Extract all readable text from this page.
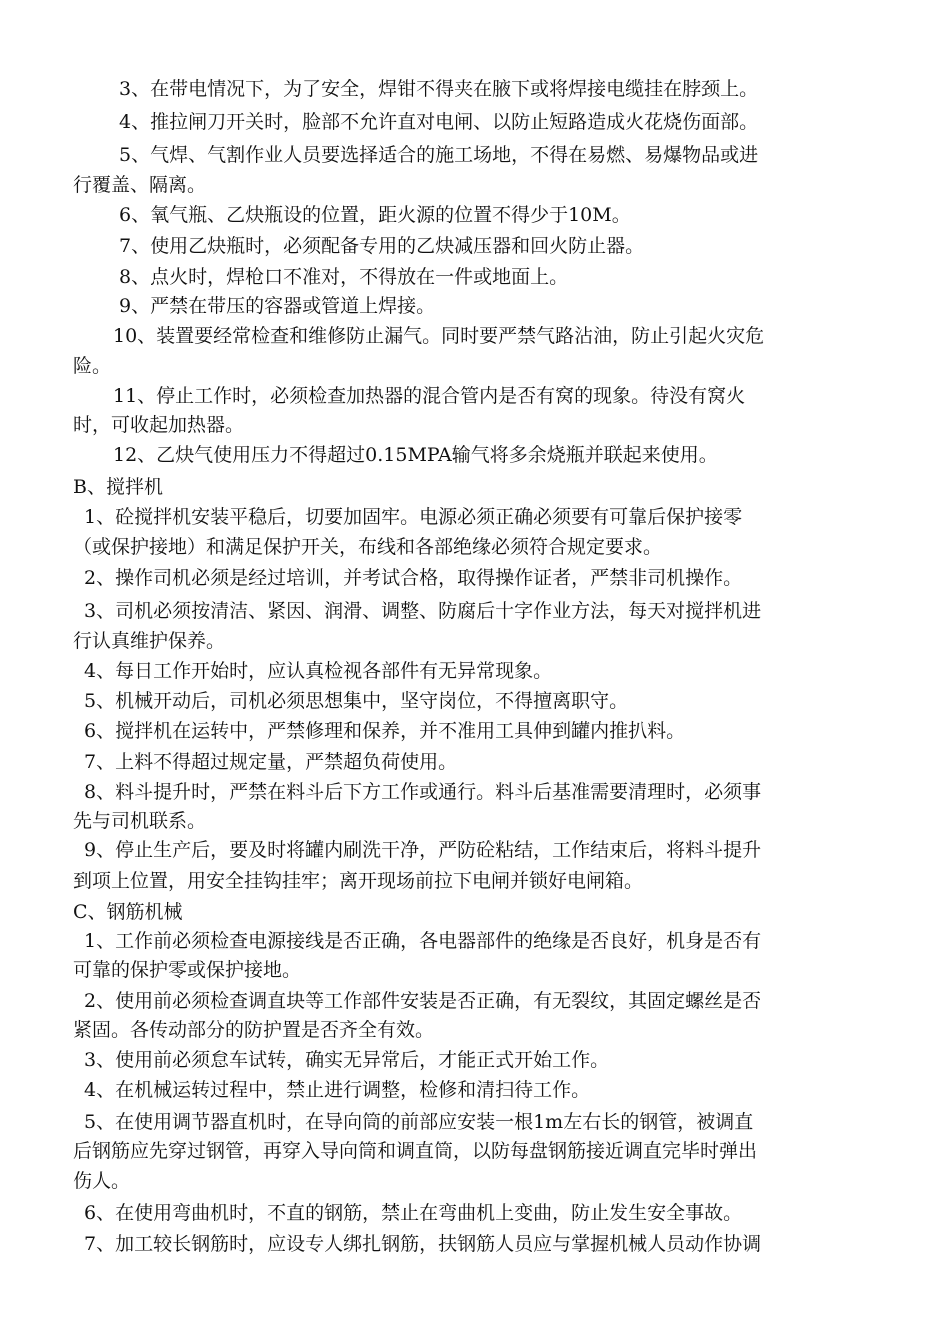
3、在带电情况下，为了安全，焊钳不得夹在腋下或将焊接电缆挂在脖颈上。

4、推拉闸刀开关时，脸部不允许直对电闸、以防止短路造成火花烧伤面部。

5、气焊、气割作业人员要选择适合的施工场地，不得在易燃、易爆物品或进

行覆盖、隔离。

6、氧气瓶、乙炔瓶设的位置，距火源的位置不得少于10M。

7、使用乙炔瓶时，必须配备专用的乙炔减压器和回火防止器。

8、点火时，焊枪口不准对，不得放在一件或地面上。

9、严禁在带压的容器或管道上焊接。

10、装置要经常检查和维修防止漏气。同时要严禁气路沾油，防止引起火灾危

险。

11、停止工作时，必须检查加热器的混合管内是否有窝的现象。待没有窝火

时，可收起加热器。

12、乙炔气使用压力不得超过0.15MPA输气将多余烧瓶并联起来使用。

B、搅拌机

1、砼搅拌机安装平稳后，切要加固牢。电源必须正确必须要有可靠后保护接零

（或保护接地）和满足保护开关，布线和各部绝缘必须符合规定要求。

2、操作司机必须是经过培训，并考试合格，取得操作证者，严禁非司机操作。

3、司机必须按清洁、紧因、润滑、调整、防腐后十字作业方法，每天对搅拌机进

行认真维护保养。

4、每日工作开始时，应认真检视各部件有无异常现象。

5、机械开动后，司机必须思想集中，坚守岗位，不得擅离职守。

6、搅拌机在运转中，严禁修理和保养，并不准用工具伸到罐内推扒料。

7、上料不得超过规定量，严禁超负荷使用。

8、料斗提升时，严禁在料斗后下方工作或通行。料斗后基准需要清理时，必须事

先与司机联系。

9、停止生产后，要及时将罐内刷洗干净，严防砼粘结，工作结束后，将料斗提升

到项上位置，用安全挂钩挂牢；离开现场前拉下电闸并锁好电闸箱。

C、钢筋机械

1、工作前必须检查电源接线是否正确，各电器部件的绝缘是否良好，机身是否有

可靠的保护零或保护接地。

2、使用前必须检查调直块等工作部件安装是否正确，有无裂纹，其固定螺丝是否

紧固。各传动部分的防护置是否齐全有效。

3、使用前必须怠车试转，确实无异常后，才能正式开始工作。

4、在机械运转过程中，禁止进行调整，检修和清扫待工作。

5、在使用调节器直机时，在导向筒的前部应安装一根1m左右长的钢管，被调直

后钢筋应先穿过钢管，再穿入导向筒和调直筒，以防每盘钢筋接近调直完毕时弹出

伤人。

6、在使用弯曲机时，不直的钢筋，禁止在弯曲机上变曲，防止发生安全事故。

7、加工较长钢筋时，应设专人绑扎钢筋，扶钢筋人员应与掌握机械人员动作协调
